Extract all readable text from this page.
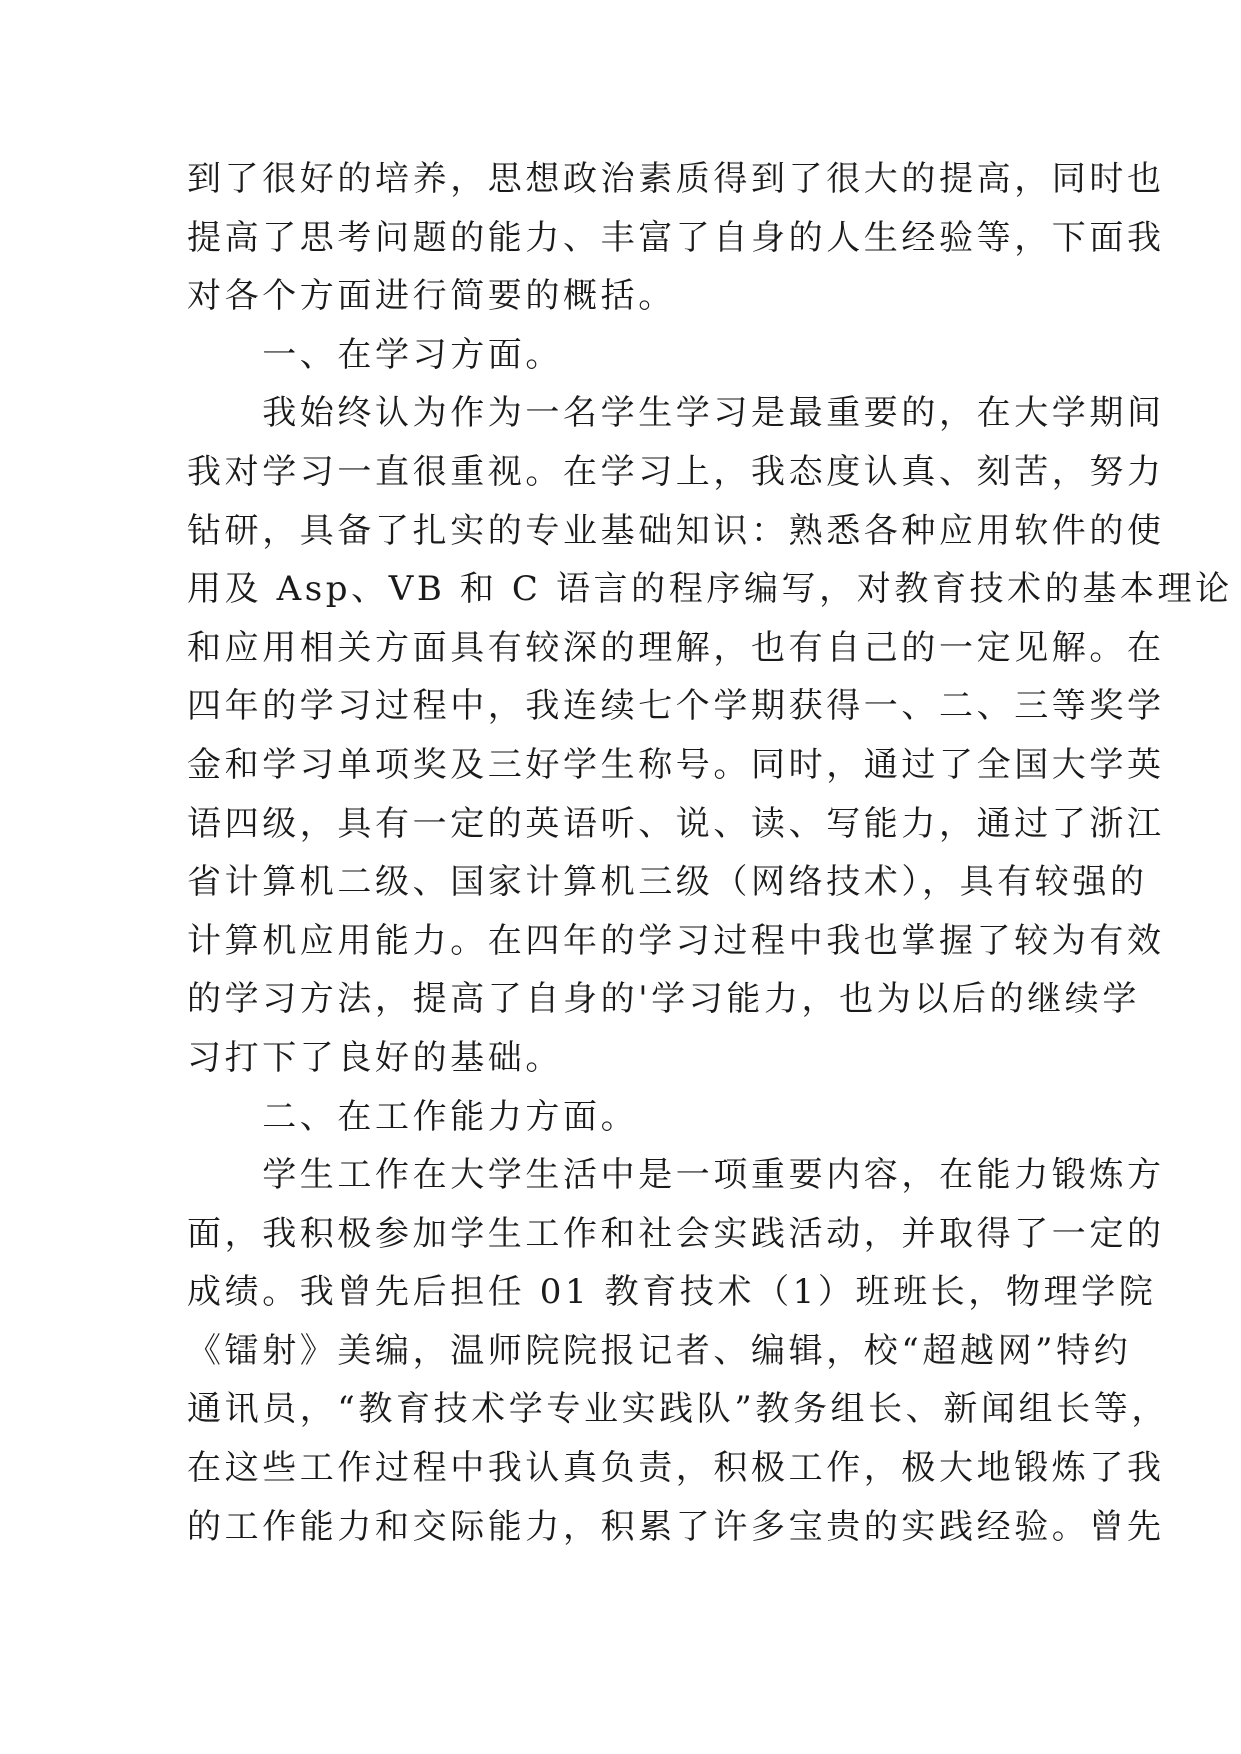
到了很好的培养，思想政治素质得到了很大的提高，同时也
提高了思考问题的能力、丰富了自身的人生经验等，下面我
对各个方面进行简要的概括。
　　一、在学习方面。
　　我始终认为作为一名学生学习是最重要的，在大学期间
我对学习一直很重视。在学习上，我态度认真、刻苦，努力
钻研，具备了扎实的专业基础知识：熟悉各种应用软件的使
用及 Asp、VB 和 C 语言的程序编写，对教育技术的基本理论
和应用相关方面具有较深的理解，也有自己的一定见解。在
四年的学习过程中，我连续七个学期获得一、二、三等奖学
金和学习单项奖及三好学生称号。同时，通过了全国大学英
语四级，具有一定的英语听、说、读、写能力，通过了浙江
省计算机二级、国家计算机三级（网络技术），具有较强的
计算机应用能力。在四年的学习过程中我也掌握了较为有效
的学习方法，提高了自身的'学习能力，也为以后的继续学
习打下了良好的基础。
　　二、在工作能力方面。
　　学生工作在大学生活中是一项重要内容，在能力锻炼方
面，我积极参加学生工作和社会实践活动，并取得了一定的
成绩。我曾先后担任 01 教育技术（1）班班长，物理学院
《镭射》美编，温师院院报记者、编辑，校“超越网”特约
通讯员，“教育技术学专业实践队”教务组长、新闻组长等，
在这些工作过程中我认真负责，积极工作，极大地锻炼了我
的工作能力和交际能力，积累了许多宝贵的实践经验。曾先
